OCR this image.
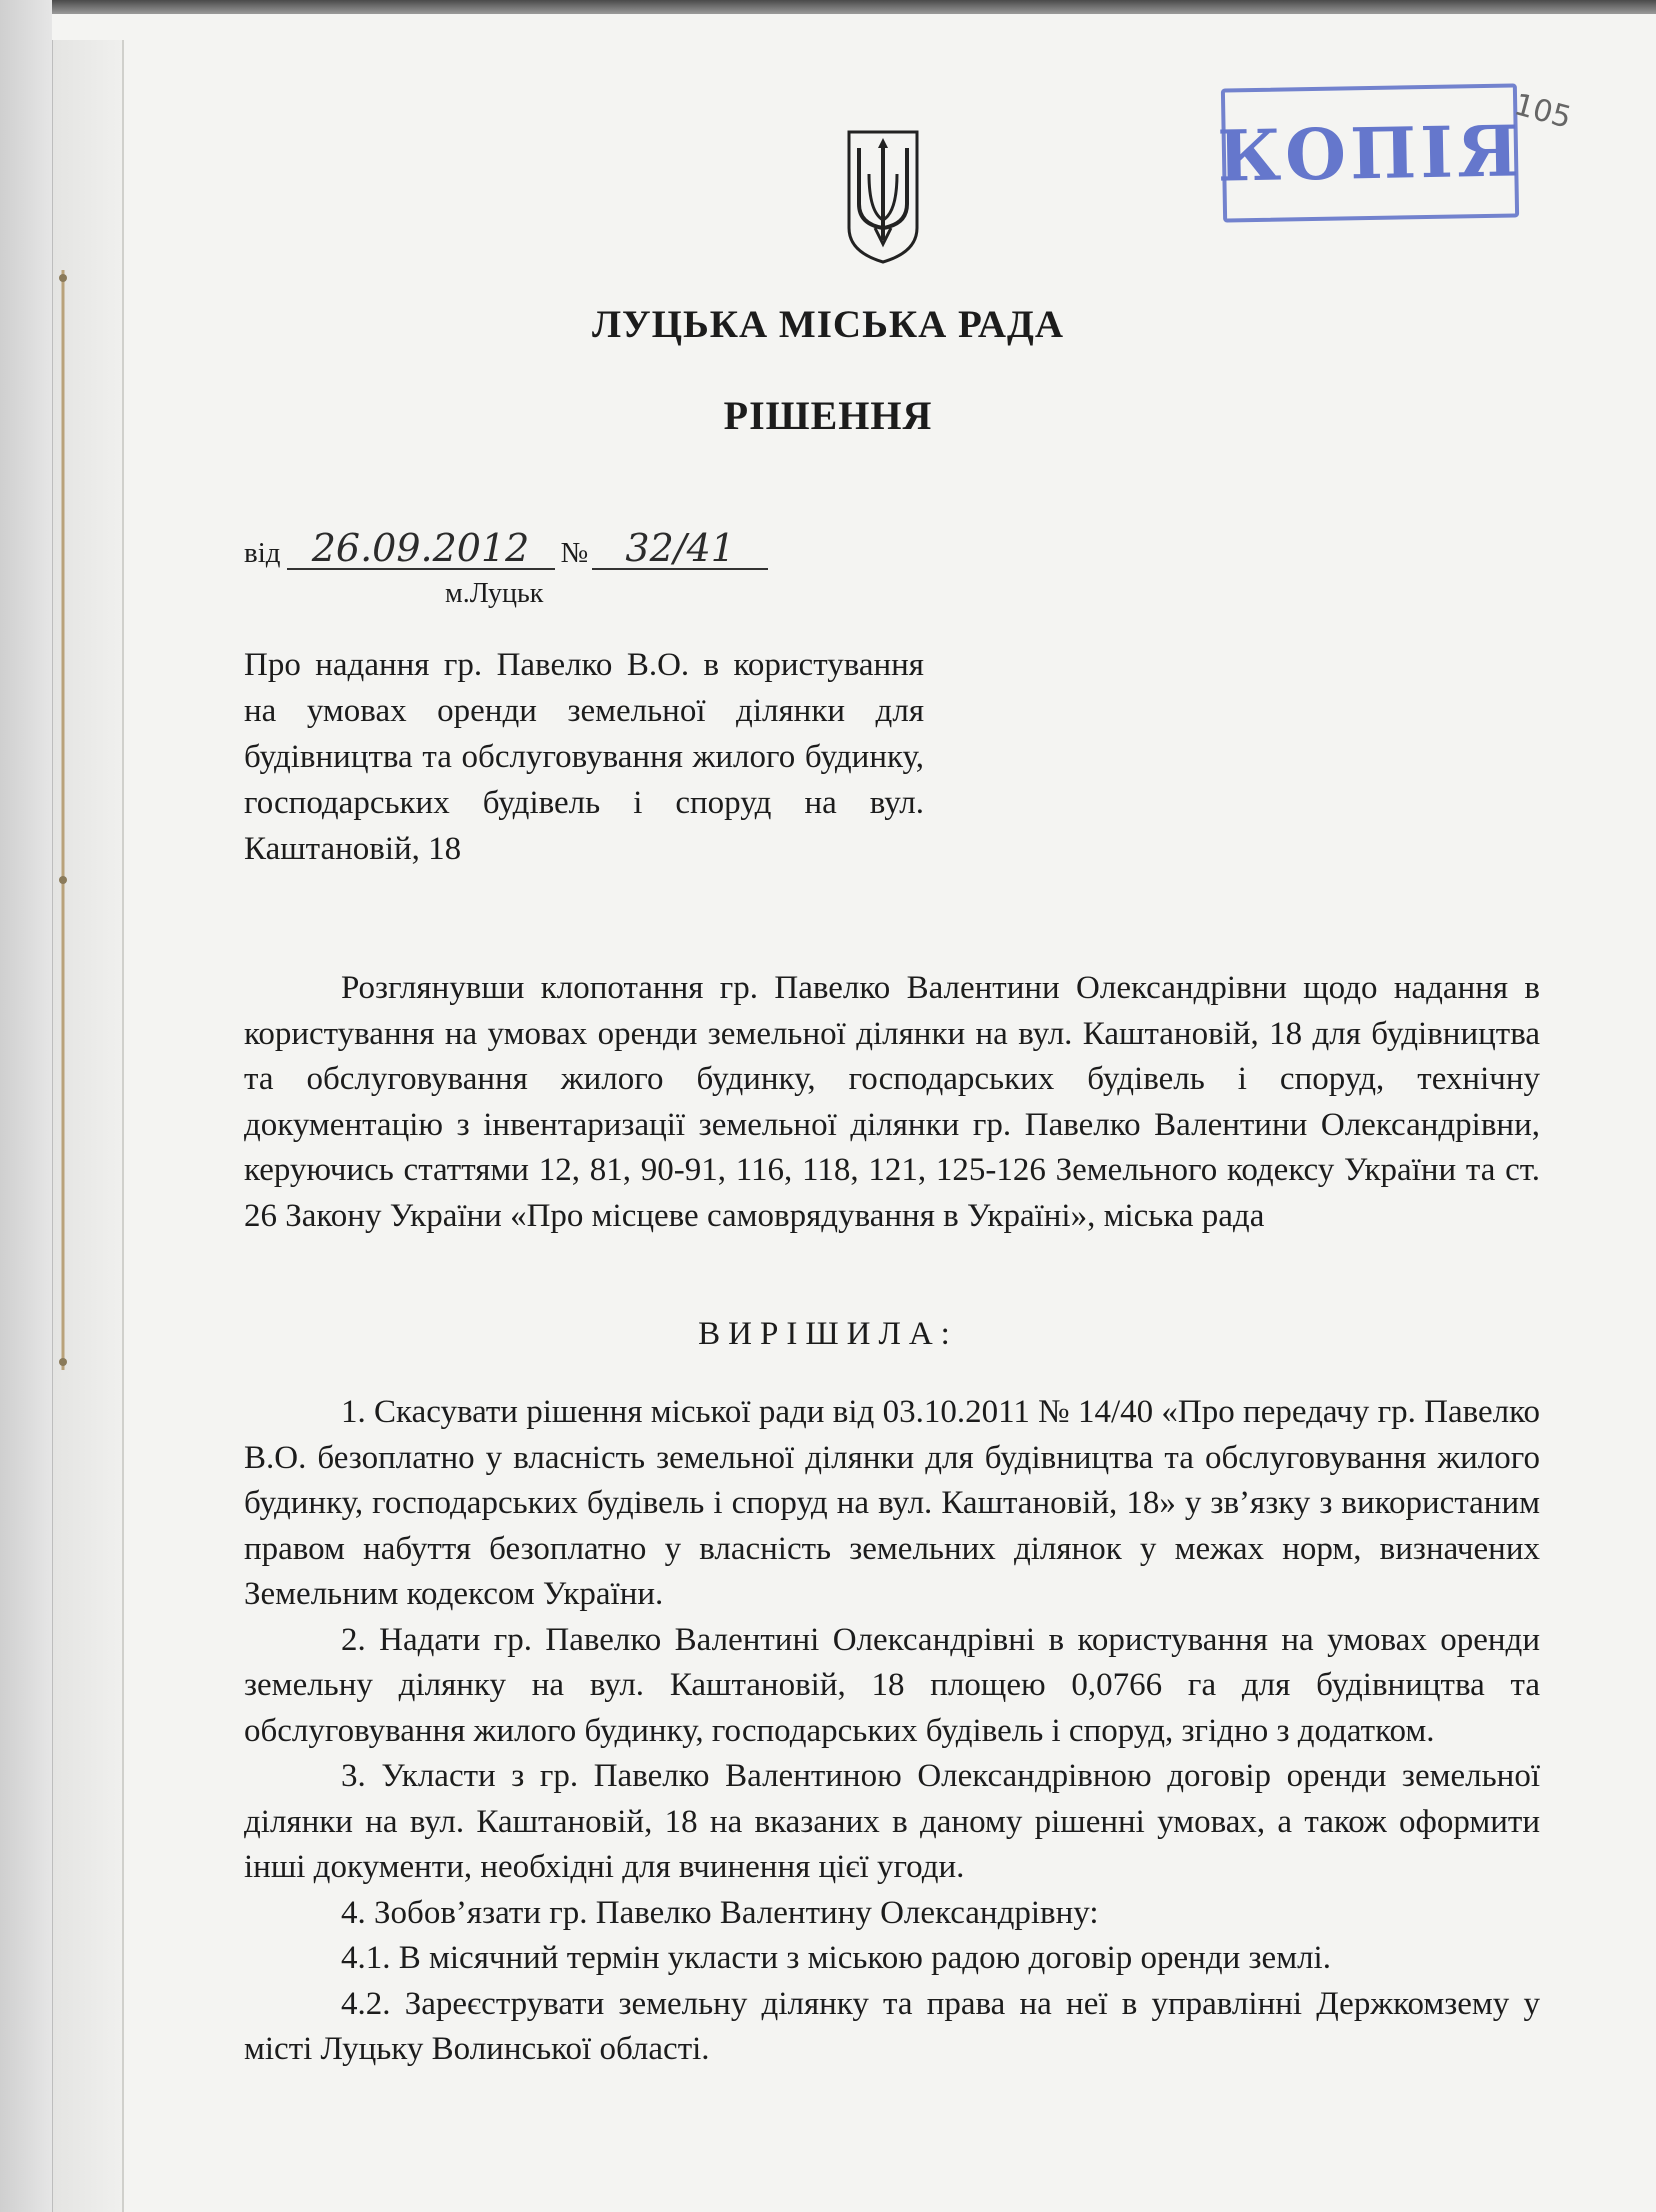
КОПІЯ
105
ЛУЦЬКА МІСЬКА РАДА
РІШЕННЯ
від 26.09.2012	№ 32/41
м.Луцьк
Про надання гр. Павелко В.О. в користування на умовах оренди земельної ділянки для будівництва та обслуговування жилого будинку, господарських будівель і споруд на вул. Каштановій, 18
Розглянувши клопотання гр. Павелко Валентини Олександрівни щодо надання в користування на умовах оренди земельної ділянки на вул. Каштановій, 18 для будівництва та обслуговування жилого будинку, господарських будівель і споруд, технічну документацію з інвентаризації земельної ділянки гр. Павелко Валентини Олександрівни, керуючись статтями 12, 81, 90-91, 116, 118, 121, 125-126 Земельного кодексу України та ст. 26 Закону України «Про місцеве самоврядування в Україні», міська рада
ВИРІШИЛА:

1. Скасувати рішення міської ради від 03.10.2011 № 14/40 «Про передачу гр. Павелко В.О. безоплатно у власність земельної ділянки для будівництва та обслуговування жилого будинку, господарських будівель і споруд на вул. Каштановій, 18» у зв’язку з використаним правом набуття безоплатно у власність земельних ділянок у межах норм, визначених Земельним кодексом України.

2. Надати гр. Павелко Валентині Олександрівні в користування на умовах оренди земельну ділянку на вул. Каштановій, 18 площею 0,0766 га для будівництва та обслуговування жилого будинку, господарських будівель і споруд, згідно з додатком.

3. Укласти з гр. Павелко Валентиною Олександрівною договір оренди земельної ділянки на вул. Каштановій, 18 на вказаних в даному рішенні умовах, а також оформити інші документи, необхідні для вчинення цієї угоди.

4. Зобов’язати гр. Павелко Валентину Олександрівну:

4.1. В місячний термін укласти з міською радою договір оренди землі.

4.2. Зареєструвати земельну ділянку та права на неї в управлінні Держкомзему у місті Луцьку Волинської області.
